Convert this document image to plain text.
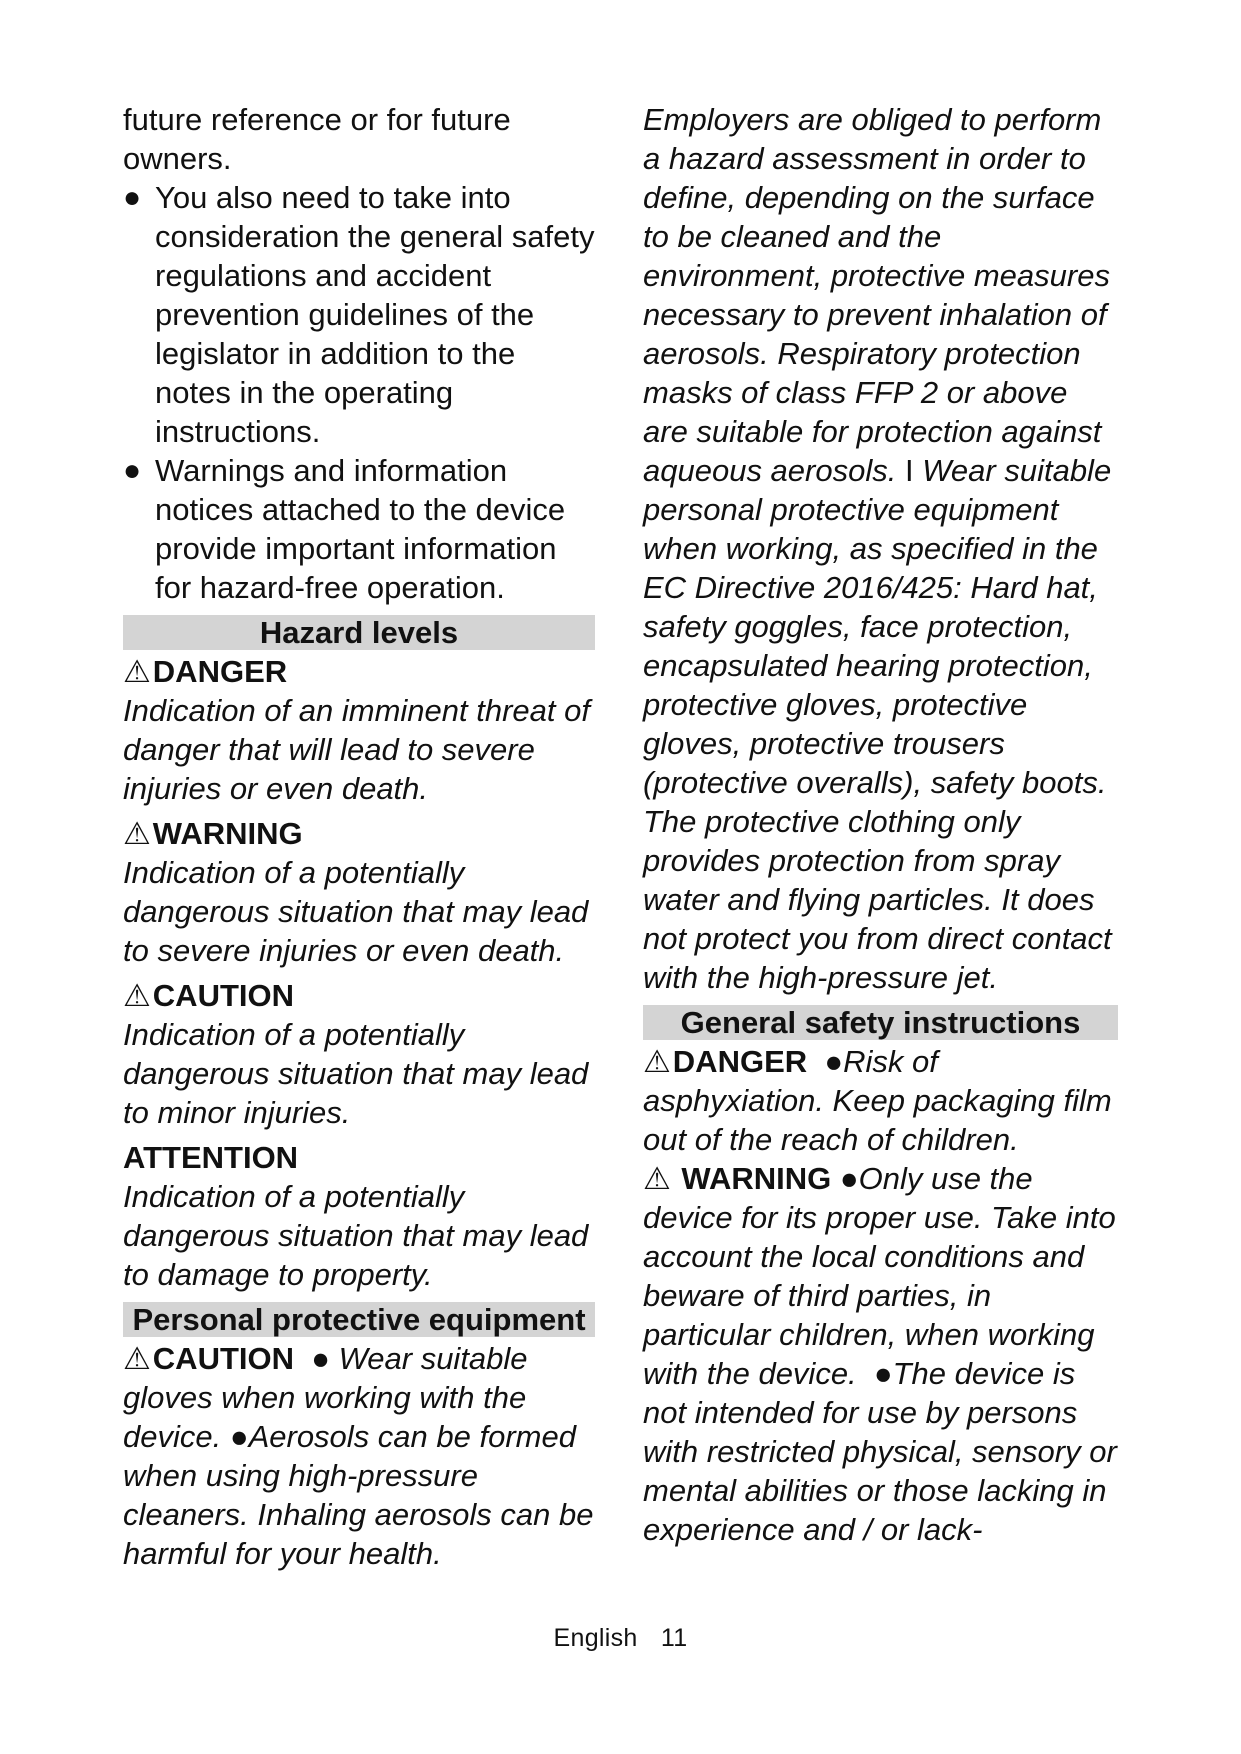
future reference or for future owners.

● You also need to take into consideration the general safety regulations and accident prevention guidelines of the legislator in addition to the notes in the operating instructions.
● Warnings and information notices attached to the device provide important information for hazard-free operation.
Hazard levels

⚠DANGER

Indication of an imminent threat of danger that will lead to severe injuries or even death.

⚠WARNING

Indication of a potentially dangerous situation that may lead to severe injuries or even death.

⚠CAUTION

Indication of a potentially dangerous situation that may lead to minor injuries.

ATTENTION

Indication of a potentially dangerous situation that may lead to damage to property.

Personal protective equipment

⚠CAUTION  ● Wear suitable gloves when working with the device. ●Aerosols can be formed when using high-pressure cleaners. Inhaling aerosols can be harmful for your health.

Employers are obliged to perform a hazard assessment in order to define, depending on the surface to be cleaned and the environment, protective measures necessary to prevent inhalation of aerosols. Respiratory protection masks of class FFP 2 or above are suitable for protection against aqueous aerosols. I Wear suitable personal protective equipment when working, as specified in the EC Directive 2016/425: Hard hat, safety goggles, face protection, encapsulated hearing protection, protective gloves, protective gloves, protective trousers (protective overalls), safety boots. The protective clothing only provides protection from spray water and flying particles. It does not protect you from direct contact with the high-pressure jet.

General safety instructions

⚠DANGER  ●Risk of asphyxiation. Keep packaging film out of the reach of children.

⚠ WARNING ●Only use the device for its proper use. Take into account the local conditions and beware of third parties, in particular children, when working with the device.  ●The device is not intended for use by persons with restricted physical, sensory or mental abilities or those lacking in experience and / or lack-

English 11
